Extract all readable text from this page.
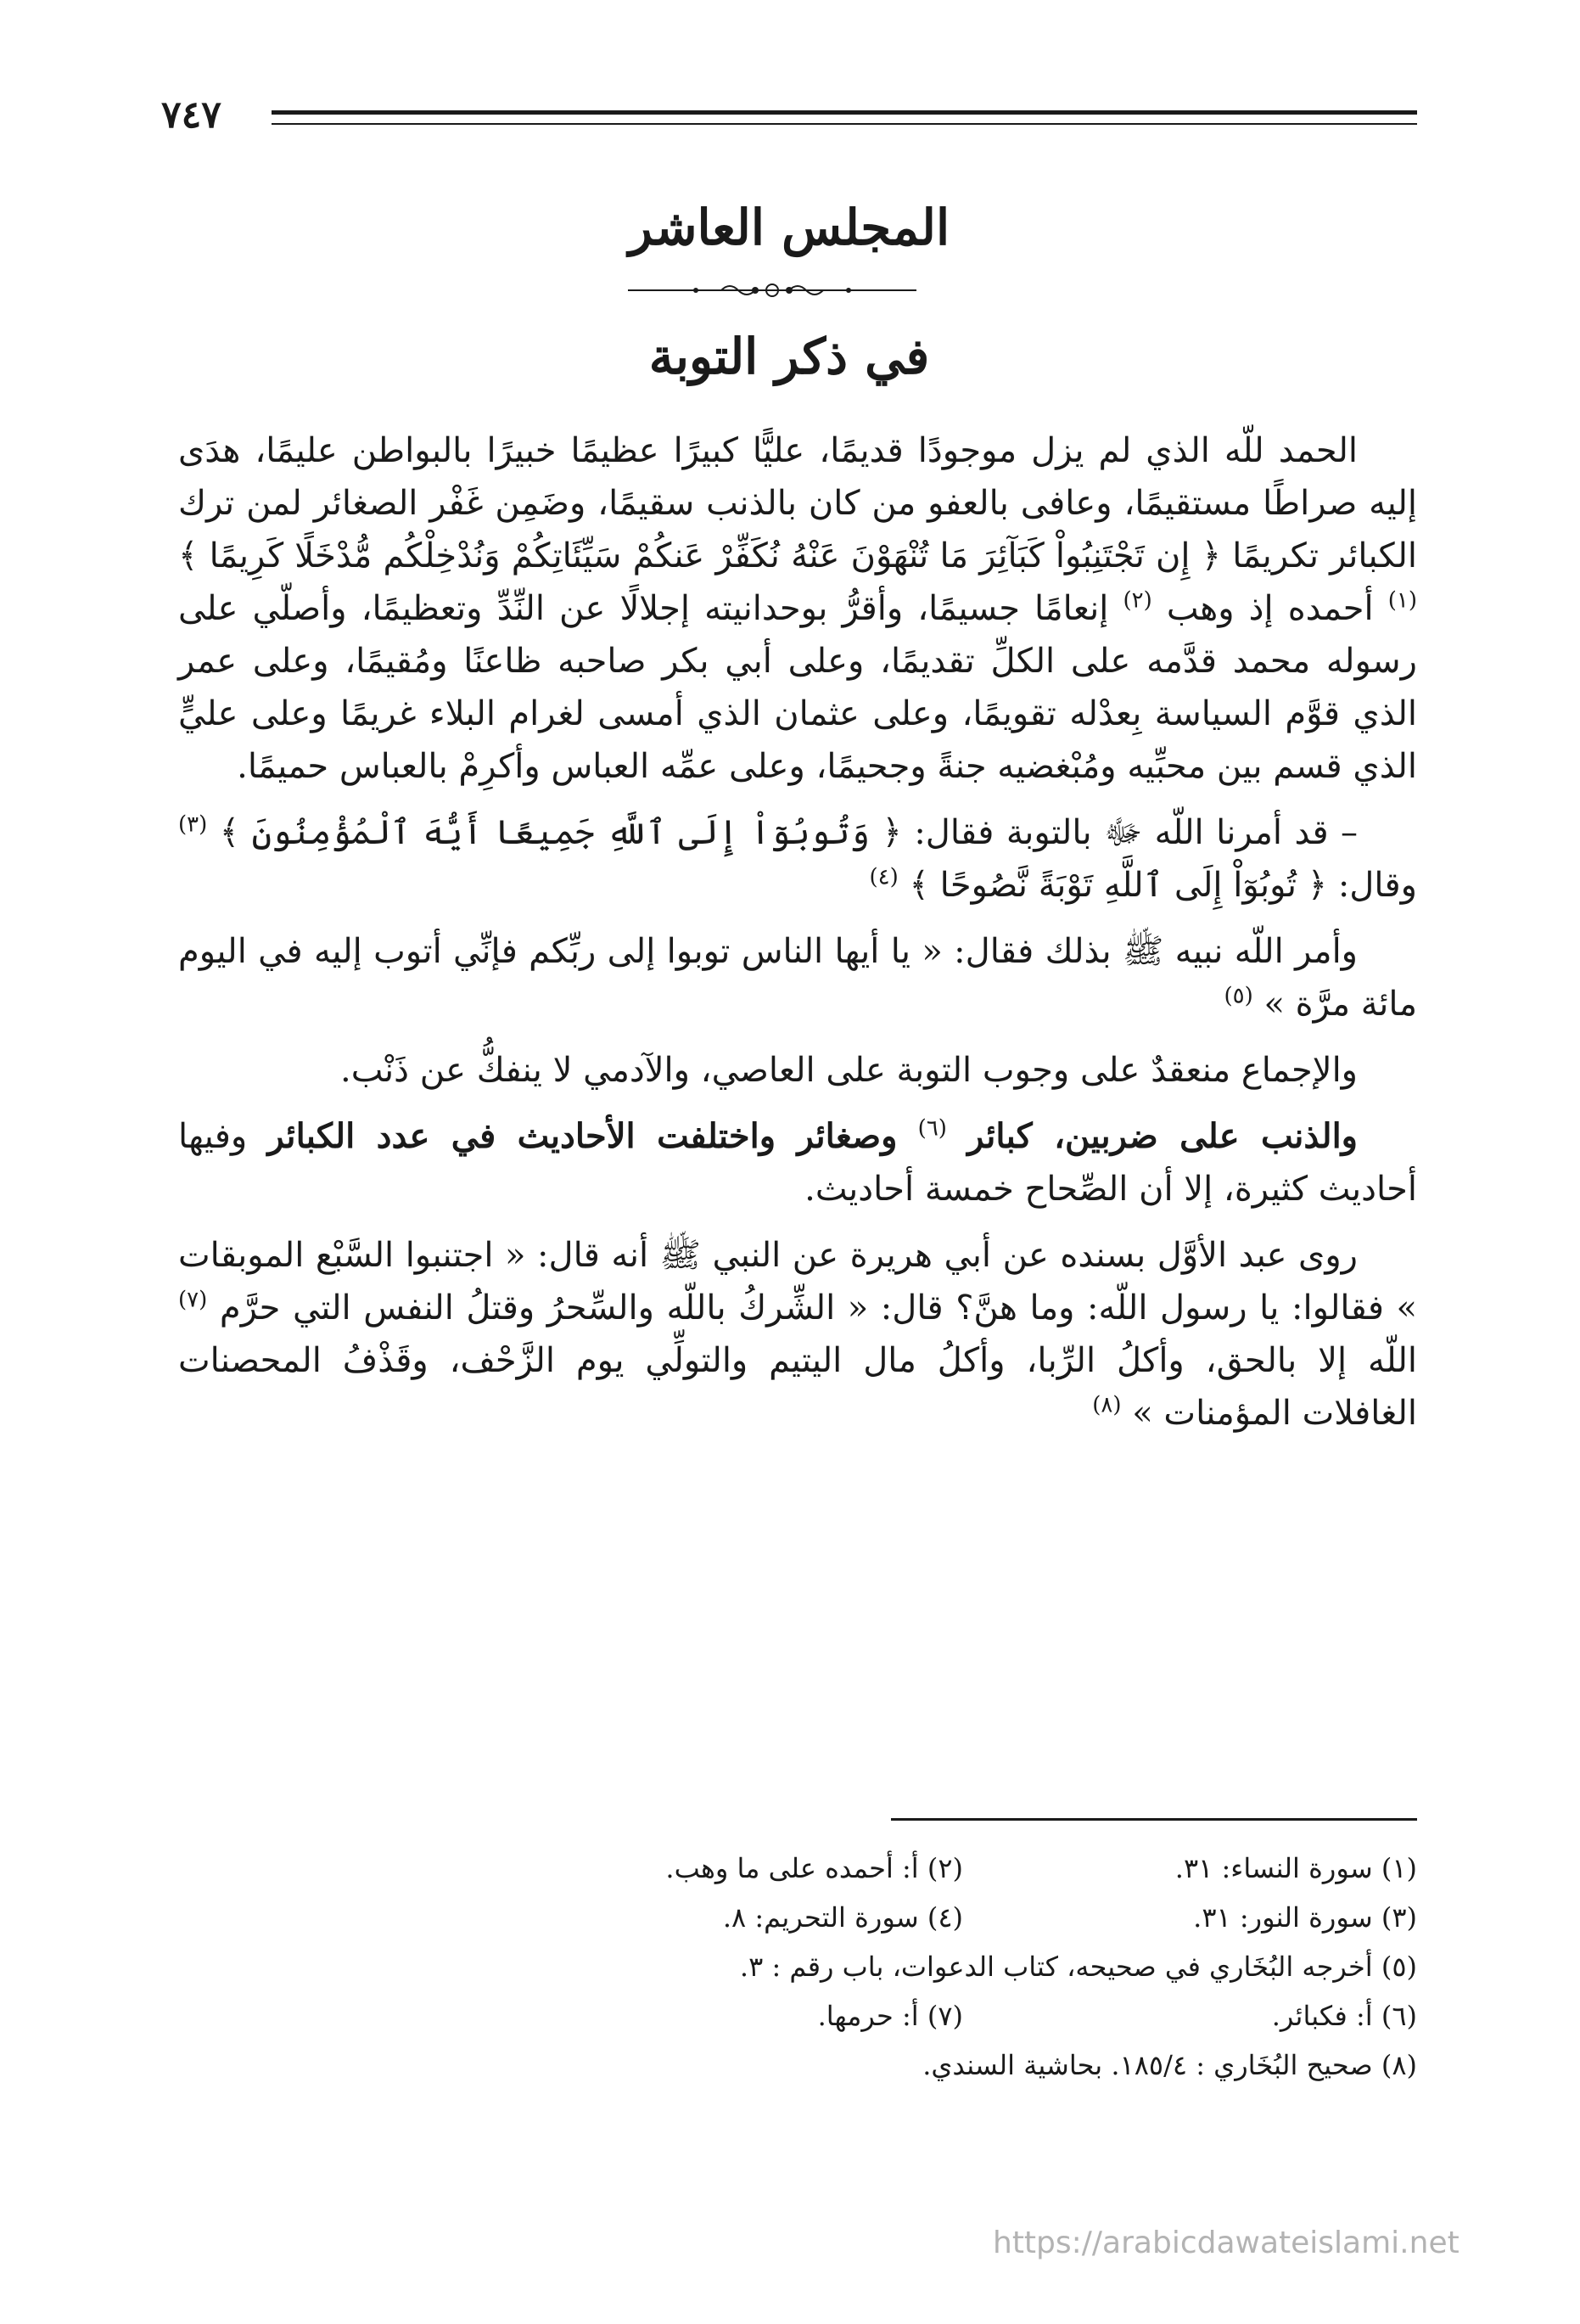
٧٤٧
المجلس العاشر
في ذكر التوبة

الحمد للّه الذي لم يزل موجودًا قديمًا، عليًّا كبيرًا عظيمًا خبيرًا بالبواطن عليمًا، هدَى إليه صراطًا مستقيمًا، وعافى بالعفو من كان بالذنب سقيمًا، وضَمِن غَفْر الصغائر لمن ترك الكبائر تكريمًا ﴿ إِن تَجْتَنِبُواْ كَبَآئِرَ مَا تُنْهَوْنَ عَنْهُ نُكَفِّرْ عَنكُمْ سَيِّئَاتِكُمْ وَنُدْخِلْكُم مُّدْخَلًا كَرِيمًا ﴾ $^{(١)}$ أحمده إذ وهب $^{(٢)}$ إنعامًا جسيمًا، وأقرُّ بوحدانيته إجلالًا عن النِّدِّ وتعظيمًا، وأصلّي على رسوله محمد قدَّمه على الكلِّ تقديمًا، وعلى أبي بكر صاحبه ظاعنًا ومُقيمًا، وعلى عمر الذي قوَّم السياسة بِعدْله تقويمًا، وعلى عثمان الذي أمسى لغرام البلاء غريمًا وعلى عليٍّ الذي قسم بين محبِّيه ومُبْغضيه جنةً وجحيمًا، وعلى عمِّه العباس وأكرِمْ بالعباس حميمًا.

– قد أمرنا اللّه ﷻ بالتوبة فقال: ﴿ وَتُوبُوٓاْ إِلَى ٱللَّهِ جَمِيعًا أَيُّهَ ٱلْمُؤْمِنُونَ ﴾ $^{(٣)}$ وقال: ﴿ تُوبُوٓاْ إِلَى ٱللَّهِ تَوْبَةً نَّصُوحًا ﴾ $^{(٤)}$

وأمر اللّه نبيه ﷺ بذلك فقال: « يا أيها الناس توبوا إلى ربِّكم فإنِّي أتوب إليه في اليوم مائة مرَّة » $^{(٥)}$

والإجماع منعقدٌ على وجوب التوبة على العاصي، والآدمي لا ينفكُّ عن ذَنْب.

والذنب على ضربين، كبائر $^{(٦)}$ وصغائر واختلفت الأحاديث في عدد الكبائر وفيها أحاديث كثيرة، إلا أن الصِّحاح خمسة أحاديث.

روى عبد الأوَّل بسنده عن أبي هريرة عن النبي ﷺ أنه قال: « اجتنبوا السَّبْع الموبقات » فقالوا: يا رسول اللّه: وما هنَّ؟ قال: « الشِّركُ باللّه والسِّحرُ وقتلُ النفس التي حرَّم $^{(٧)}$ اللّه إلا بالحق، وأكلُ الرِّبا، وأكلُ مال اليتيم والتولِّي يوم الزَّحْف، وقَذْفُ المحصنات الغافلات المؤمنات » $^{(٨)}$

(١) سورة النساء: ٣١.
(٢) أ: أحمده على ما وهب.
(٣) سورة النور: ٣١.
(٤) سورة التحريم: ٨.
(٥) أخرجه البُخَاري في صحيحه، كتاب الدعوات، باب رقم : ٣.
(٦) أ: فكبائر.
(٧) أ: حرمها.
(٨) صحيح البُخَاري : ١٨٥/٤. بحاشية السندي.
https://arabicdawateislami.net
